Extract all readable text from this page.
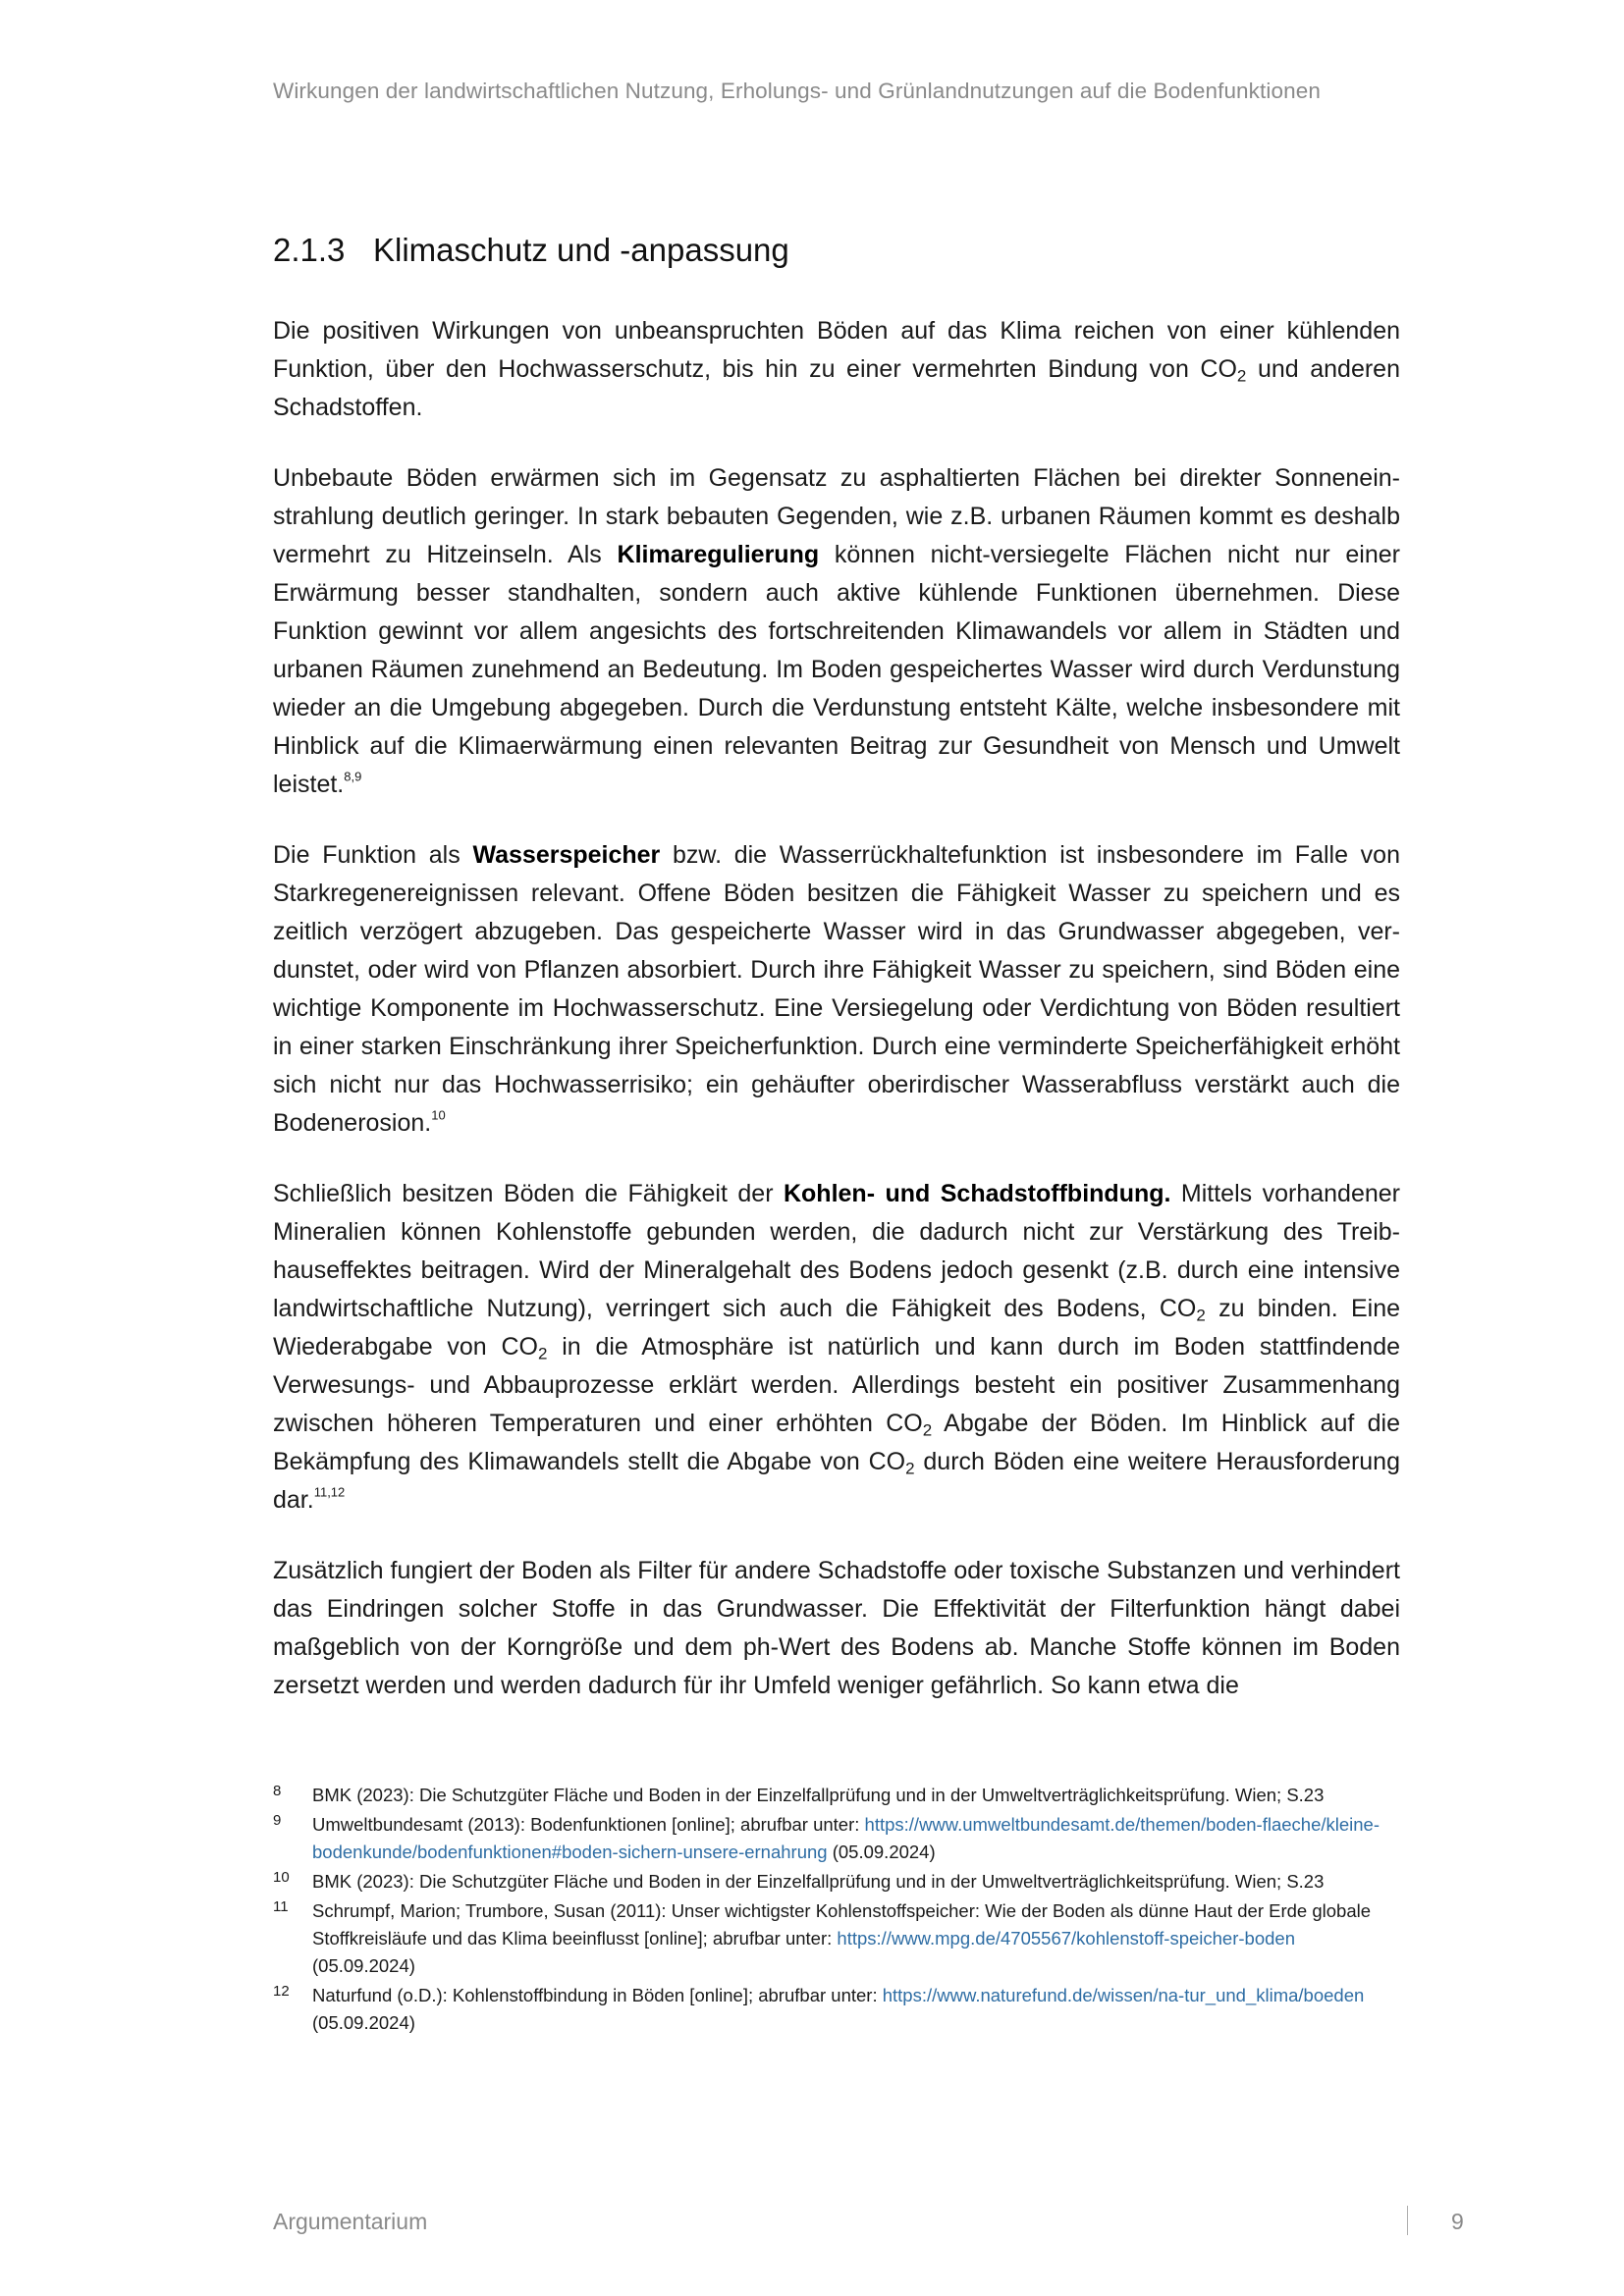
Wirkungen der landwirtschaftlichen Nutzung, Erholungs- und Grünlandnutzungen auf die Bodenfunktionen
2.1.3 Klimaschutz und -anpassung

Die positiven Wirkungen von unbeanspruchten Böden auf das Klima reichen von einer kühlenden Funktion, über den Hochwasserschutz, bis hin zu einer vermehrten Bindung von $CO_2$ und anderen Schadstoffen.

Unbebaute Böden erwärmen sich im Gegensatz zu asphaltierten Flächen bei direkter Sonneneinstrahlung deutlich geringer. In stark bebauten Gegenden, wie z.B. urbanen Räumen kommt es deshalb vermehrt zu Hitzeinseln. Als Klimaregulierung können nicht-versiegelte Flächen nicht nur einer Erwärmung besser standhalten, sondern auch aktive kühlende Funktionen übernehmen. Diese Funktion gewinnt vor allem angesichts des fortschreitenden Klimawandels vor allem in Städten und urbanen Räumen zunehmend an Bedeutung. Im Boden gespeichertes Wasser wird durch Verdunstung wieder an die Umgebung abgegeben. Durch die Verdunstung entsteht Kälte, welche insbesondere mit Hinblick auf die Klimaerwärmung einen relevanten Beitrag zur Gesundheit von Mensch und Umwelt leistet.$^{8,9}$

Die Funktion als Wasserspeicher bzw. die Wasserrückhaltefunktion ist insbesondere im Falle von Starkregenereignissen relevant. Offene Böden besitzen die Fähigkeit Wasser zu speichern und es zeitlich verzögert abzugeben. Das gespeicherte Wasser wird in das Grundwasser abgegeben, verdunstet, oder wird von Pflanzen absorbiert. Durch ihre Fähigkeit Wasser zu speichern, sind Böden eine wichtige Komponente im Hochwasserschutz. Eine Versiegelung oder Verdichtung von Böden resultiert in einer starken Einschränkung ihrer Speicherfunktion. Durch eine verminderte Speicherfähigkeit erhöht sich nicht nur das Hochwasserrisiko; ein gehäufter oberirdischer Wasserabfluss verstärkt auch die Bodenerosion.$^{10}$

Schließlich besitzen Böden die Fähigkeit der Kohlen- und Schadstoffbindung. Mittels vorhandener Mineralien können Kohlenstoffe gebunden werden, die dadurch nicht zur Verstärkung des Treibhauseffektes beitragen. Wird der Mineralgehalt des Bodens jedoch gesenkt (z.B. durch eine intensive landwirtschaftliche Nutzung), verringert sich auch die Fähigkeit des Bodens, $CO_2$ zu binden. Eine Wiederabgabe von $CO_2$ in die Atmosphäre ist natürlich und kann durch im Boden stattfindende Verwesungs- und Abbauprozesse erklärt werden. Allerdings besteht ein positiver Zusammenhang zwischen höheren Temperaturen und einer erhöhten $CO_2$ Abgabe der Böden. Im Hinblick auf die Bekämpfung des Klimawandels stellt die Abgabe von $CO_2$ durch Böden eine weitere Herausforderung dar.$^{11,12}$

Zusätzlich fungiert der Boden als Filter für andere Schadstoffe oder toxische Substanzen und verhindert das Eindringen solcher Stoffe in das Grundwasser. Die Effektivität der Filterfunktion hängt dabei maßgeblich von der Korngröße und dem ph-Wert des Bodens ab. Manche Stoffe können im Boden zersetzt werden und werden dadurch für ihr Umfeld weniger gefährlich. So kann etwa die

8	BMK (2023): Die Schutzgüter Fläche und Boden in der Einzelfallprüfung und in der Umweltverträglichkeitsprüfung. Wien; S.23
9	Umweltbundesamt (2013): Bodenfunktionen [online]; abrufbar unter: https://www.umweltbundesamt.de/themen/boden-flaeche/kleine-bodenkunde/bodenfunktionen#boden-sichern-unsere-ernahrung (05.09.2024)
10	BMK (2023): Die Schutzgüter Fläche und Boden in der Einzelfallprüfung und in der Umweltverträglichkeitsprüfung. Wien; S.23
11	Schrumpf, Marion; Trumbore, Susan (2011): Unser wichtigster Kohlenstoffspeicher: Wie der Boden als dünne Haut der Erde globale Stoffkreisläufe und das Klima beeinflusst [online]; abrufbar unter: https://www.mpg.de/4705567/kohlenstoff-speicher-boden (05.09.2024)
12	Naturfund (o.D.): Kohlenstoffbindung in Böden [online]; abrufbar unter: https://www.naturefund.de/wissen/na-tur_und_klima/boeden (05.09.2024)
Argumentarium	9
